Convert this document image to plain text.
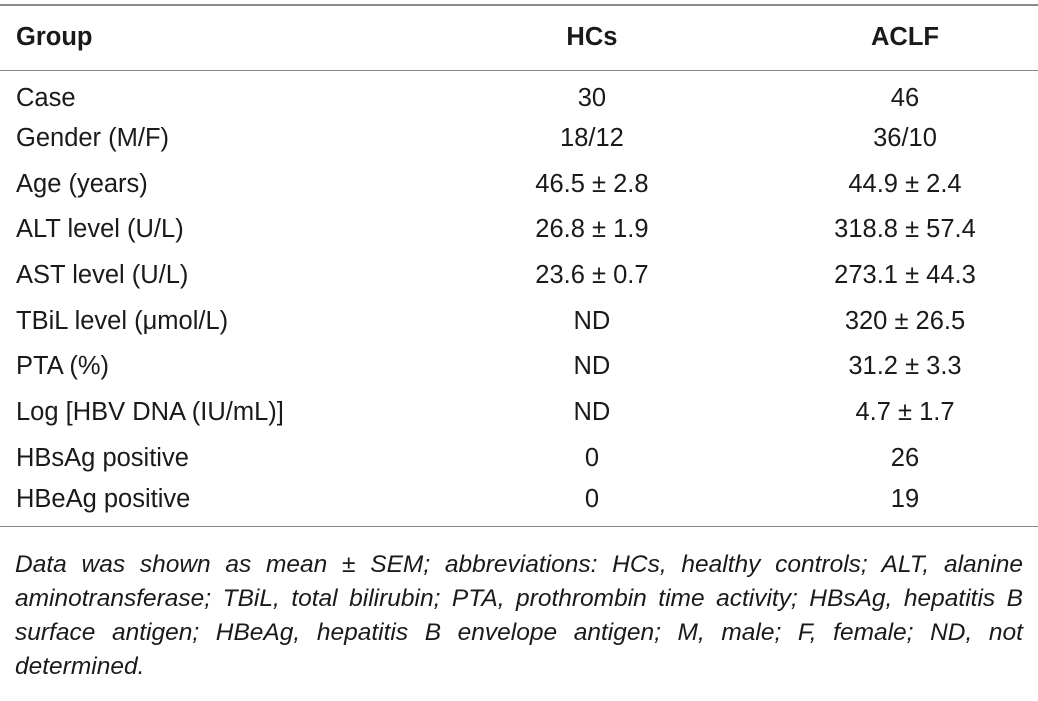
Group	HCs	ACLF
Case	30	46
Gender (M/F)	18/12	36/10
Age (years)	46.5 ± 2.8	44.9 ± 2.4
ALT level (U/L)	26.8 ± 1.9	318.8 ± 57.4
AST level (U/L)	23.6 ± 0.7	273.1 ± 44.3
TBiL level (μmol/L)	ND	320 ± 26.5
PTA (%)	ND	31.2 ± 3.3
Log [HBV DNA (IU/mL)]	ND	4.7 ± 1.7
HBsAg positive	0	26
HBeAg positive	0	19
Data was shown as mean ± SEM; abbreviations: HCs, healthy controls; ALT, alanine aminotransferase; TBiL, total bilirubin; PTA, prothrombin time activity; HBsAg, hepatitis B surface antigen; HBeAg, hepatitis B envelope antigen; M, male; F, female; ND, not determined.
